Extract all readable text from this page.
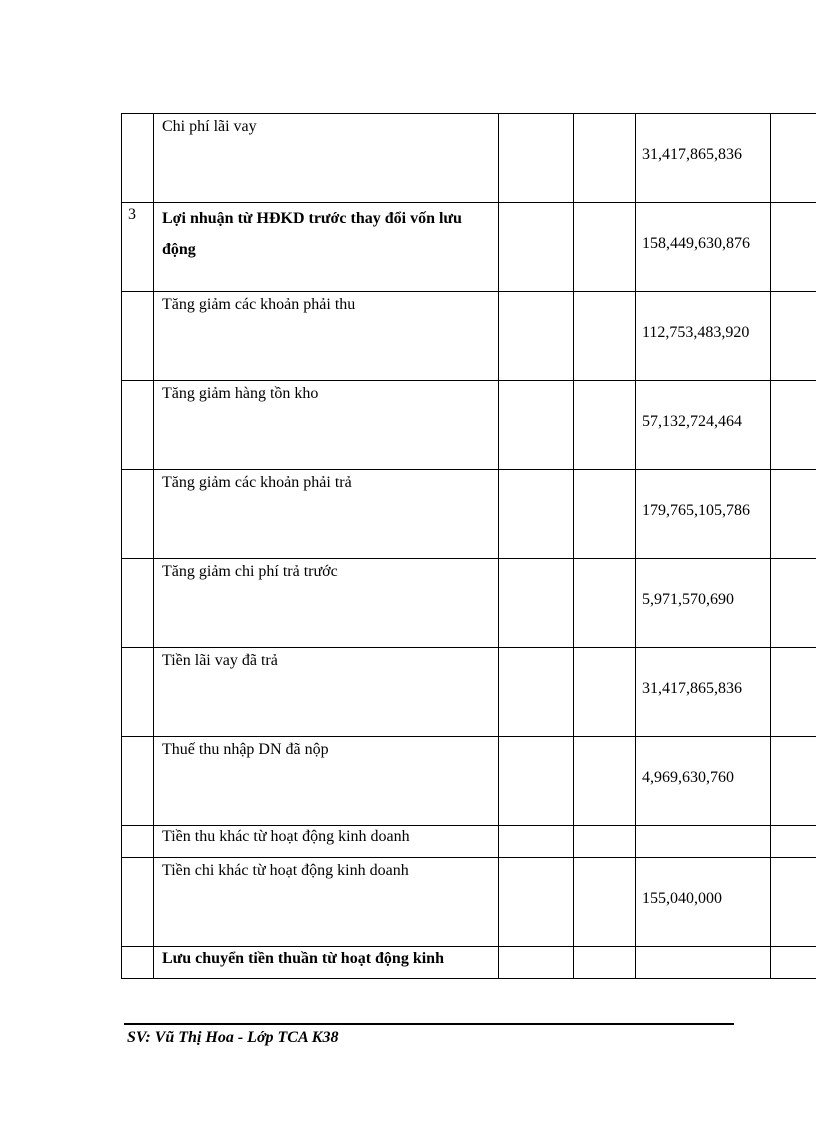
	Chi phí lãi vay			31,417,865,836	

3	Lợi nhuận từ HĐKD trước thay đổi vốn lưu động			158,449,630,876	

	Tăng giảm các khoản phải thu			112,753,483,920	

	Tăng giảm hàng tồn kho			57,132,724,464	

	Tăng giảm các khoản phải trả			179,765,105,786	

	Tăng giảm chi phí trả trước			5,971,570,690	

	Tiền lãi vay đã trả			31,417,865,836	

	Thuế thu nhập DN đã nộp			4,969,630,760	

	Tiền thu khác từ hoạt động kinh doanh				

	Tiền chi khác từ hoạt động kinh doanh			155,040,000	

	Lưu chuyển tiền thuần từ hoạt động kinh				

SV: Vũ Thị Hoa - Lớp TCA K38
